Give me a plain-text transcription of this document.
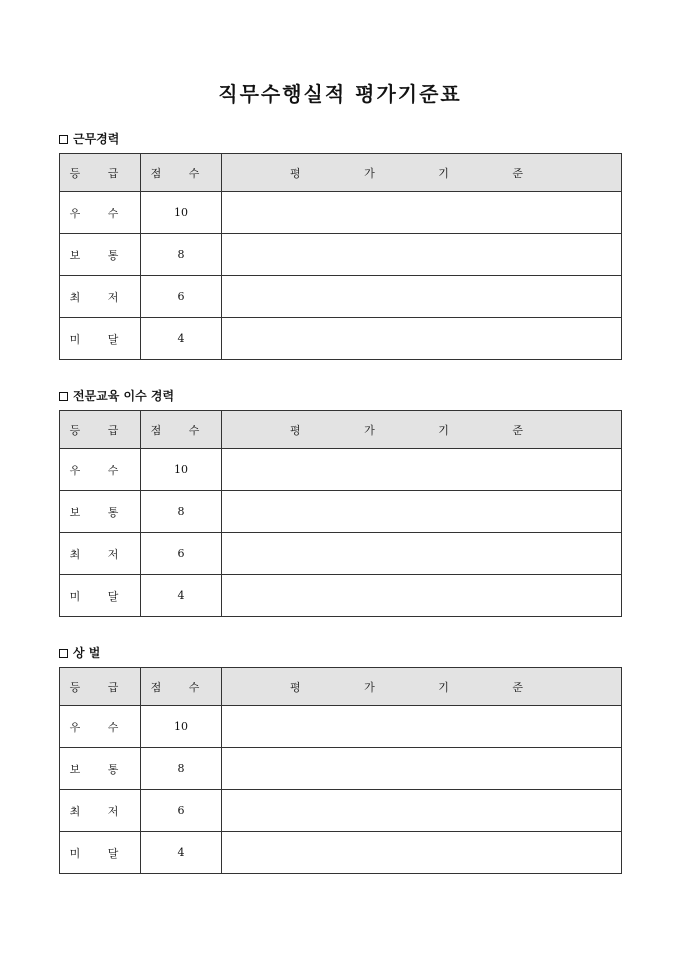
직무수행실적 평가기준표
근무경력
등 급	점 수	평 가 기 준
우 수	10	
보 통	8	
최 저	6	
미 달	4	
전문교육 이수 경력
등 급	점 수	평 가 기 준
우 수	10	
보 통	8	
최 저	6	
미 달	4	
상 벌
등 급	점 수	평 가 기 준
우 수	10	
보 통	8	
최 저	6	
미 달	4	
